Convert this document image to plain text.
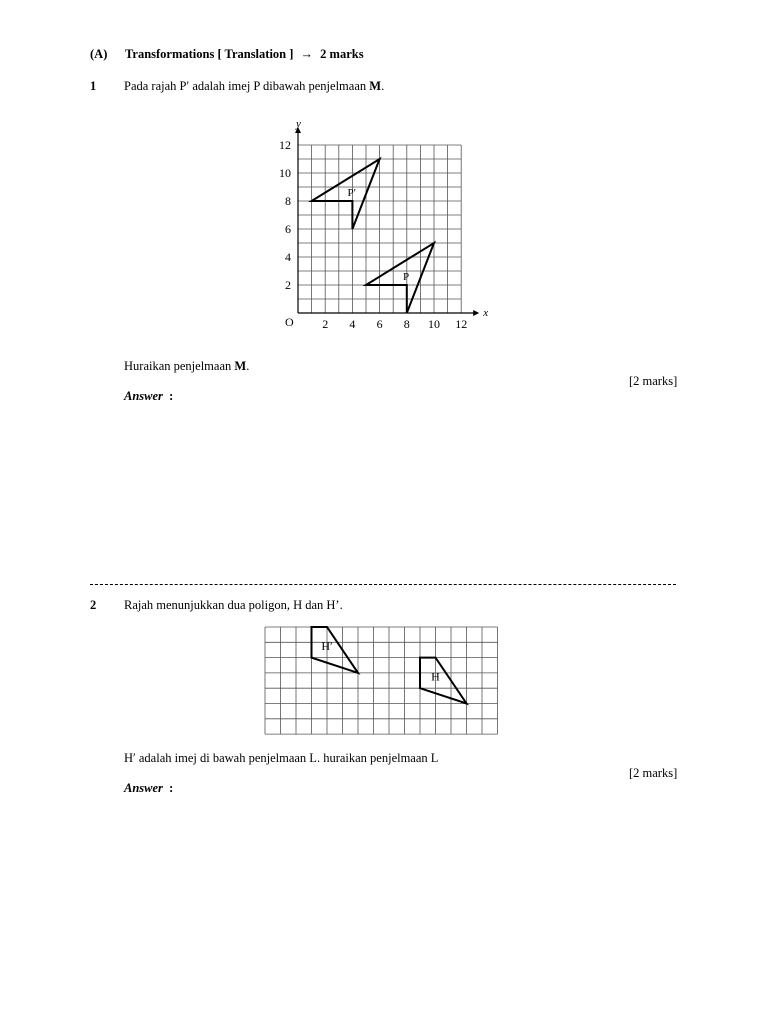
(A) Transformations [ Translation ] → 2 marks
1 Pada rajah P′ adalah imej P dibawah penjelmaan M.
x
y
O 2 4 6 8 10 12
2
4
6
8
10
12
P′
P
Huraikan penjelmaan M.
[2 marks]
Answer :
2 Rajah menunjukkan dua poligon, H dan H’.
H′
H
H′ adalah imej di bawah penjelmaan L. huraikan penjelmaan L
[2 marks]
Answer :
